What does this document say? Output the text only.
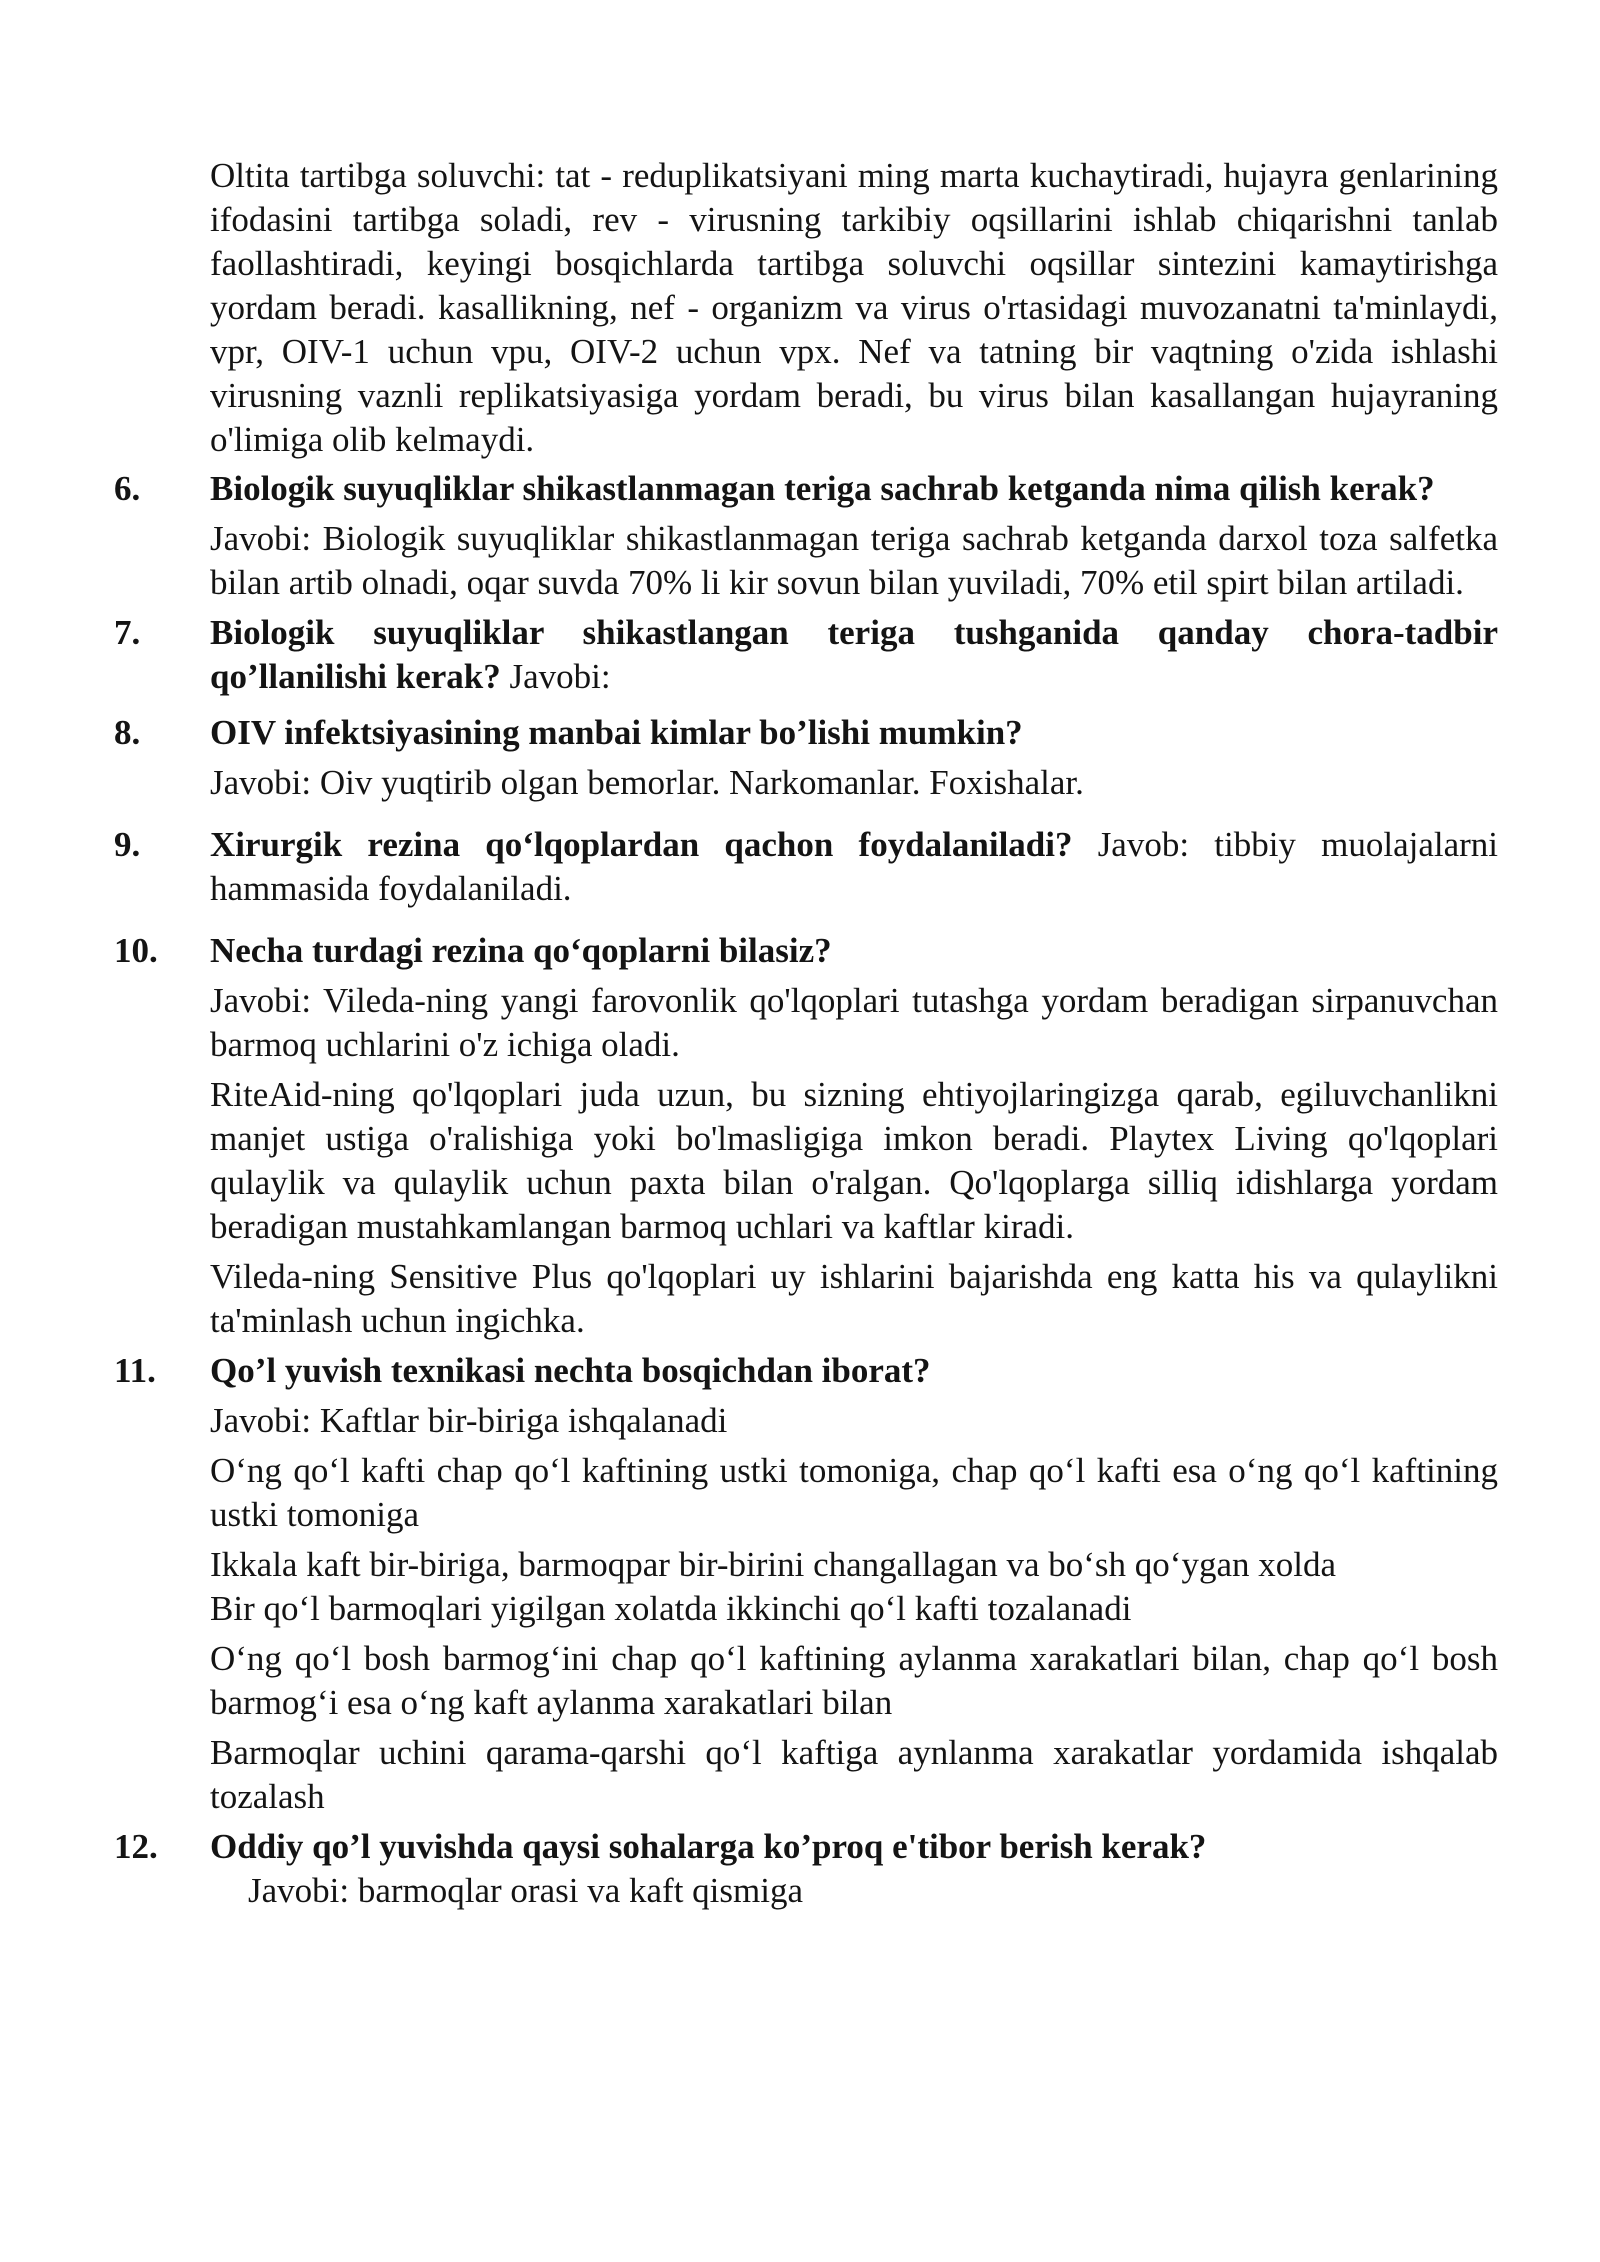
Oltita tartibga soluvchi: tat - reduplikatsiyani ming marta kuchaytiradi, hujayra genlarining ifodasini tartibga soladi, rev - virusning tarkibiy oqsillarini ishlab chiqarishni tanlab faollashtiradi, keyingi bosqichlarda tartibga soluvchi oqsillar sintezini kamaytirishga yordam beradi. kasallikning, nef - organizm va virus o'rtasidagi muvozanatni ta'minlaydi, vpr, OIV-1 uchun vpu, OIV-2 uchun vpx. Nef va tatning bir vaqtning o'zida ishlashi virusning vaznli replikatsiyasiga yordam beradi, bu virus bilan kasallangan hujayraning o'limiga olib kelmaydi.

6.	Biologik suyuqliklar shikastlanmagan teriga sachrab ketganda nima qilish kerak?

Javobi: Biologik suyuqliklar shikastlanmagan teriga sachrab ketganda darxol toza salfetka bilan artib olnadi, oqar suvda 70% li kir sovun bilan yuviladi, 70% etil spirt bilan artiladi.

7.	Biologik suyuqliklar shikastlangan teriga tushganida qanday chora-tadbir qo’llanilishi kerak? Javobi:

8.	OIV infektsiyasining manbai kimlar bo’lishi mumkin?

Javobi: Oiv yuqtirib olgan bemorlar. Narkomanlar. Foxishalar.

9.	Xirurgik rezina qo‘lqoplardan qachon foydalaniladi? Javob: tibbiy muolajalarni hammasida foydalaniladi.

10.	Necha turdagi rezina qo‘qoplarni bilasiz?

Javobi: Vileda-ning yangi farovonlik qo'lqoplari tutashga yordam beradigan sirpanuvchan barmoq uchlarini o'z ichiga oladi.

RiteAid-ning qo'lqoplari juda uzun, bu sizning ehtiyojlaringizga qarab, egiluvchanlikni manjet ustiga o'ralishiga yoki bo'lmasligiga imkon beradi. Playtex Living qo'lqoplari qulaylik va qulaylik uchun paxta bilan o'ralgan. Qo'lqoplarga silliq idishlarga yordam beradigan mustahkamlangan barmoq uchlari va kaftlar kiradi.

Vileda-ning Sensitive Plus qo'lqoplari uy ishlarini bajarishda eng katta his va qulaylikni ta'minlash uchun ingichka.

11.	Qo’l yuvish texnikasi nechta bosqichdan iborat?

Javobi: Kaftlar bir-biriga ishqalanadi

O‘ng qo‘l kafti chap qo‘l kaftining ustki tomoniga, chap qo‘l kafti esa o‘ng qo‘l kaftining ustki tomoniga

Ikkala kaft bir-biriga, barmoqpar bir-birini changallagan va bo‘sh qo‘ygan xolda

Bir qo‘l barmoqlari yigilgan xolatda ikkinchi qo‘l kafti tozalanadi

O‘ng qo‘l bosh barmog‘ini chap qo‘l kaftining aylanma xarakatlari bilan, chap qo‘l bosh barmog‘i esa o‘ng kaft aylanma xarakatlari bilan

Barmoqlar uchini qarama-qarshi qo‘l kaftiga aynlanma xarakatlar yordamida ishqalab tozalash

12.	Oddiy qo’l yuvishda qaysi sohalarga ko’proq e'tibor berish kerak?

Javobi: barmoqlar orasi va kaft qismiga
